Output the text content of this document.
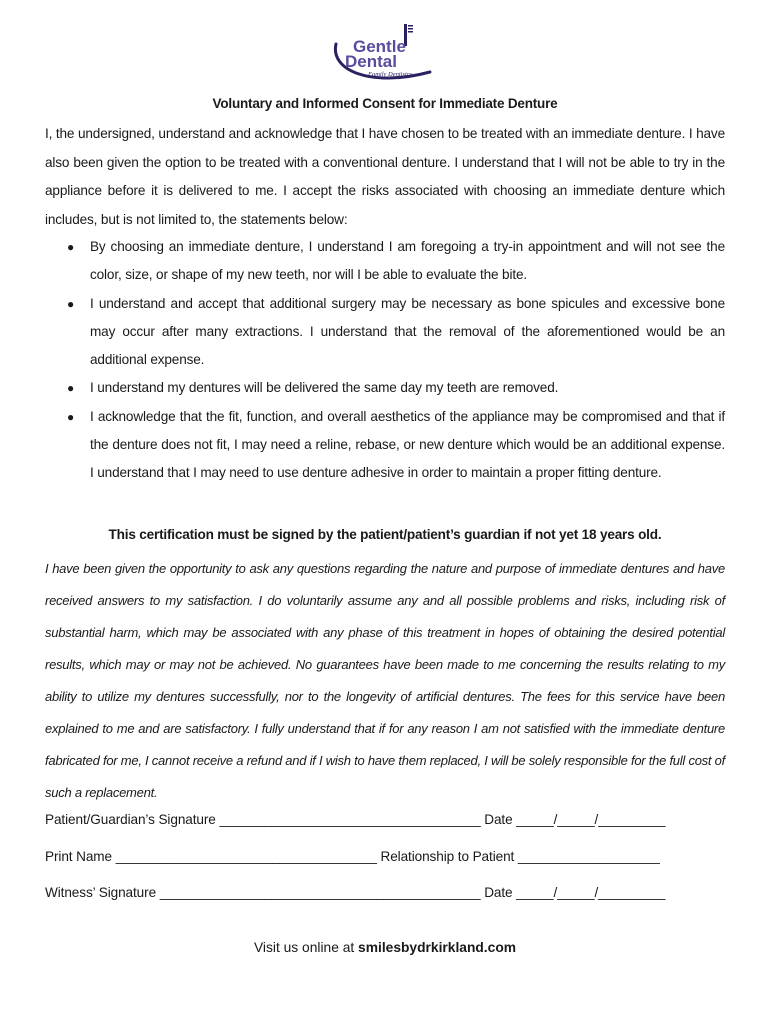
Gentle
Dental
Family Dentistry
Voluntary and Informed Consent for Immediate Denture
I, the undersigned, understand and acknowledge that I have chosen to be treated with an immediate denture. I have also been given the option to be treated with a conventional denture. I understand that I will not be able to try in the appliance before it is delivered to me. I accept the risks associated with choosing an immediate denture which includes, but is not limited to, the statements below:
● By choosing an immediate denture, I understand I am foregoing a try-in appointment and will not see the color, size, or shape of my new teeth, nor will I be able to evaluate the bite.
● I understand and accept that additional surgery may be necessary as bone spicules and excessive bone may occur after many extractions. I understand that the removal of the aforementioned would be an additional expense.
● I understand my dentures will be delivered the same day my teeth are removed.
● I acknowledge that the fit, function, and overall aesthetics of the appliance may be compromised and that if the denture does not fit, I may need a reline, rebase, or new denture which would be an additional expense. I understand that I may need to use denture adhesive in order to maintain a proper fitting denture.
This certification must be signed by the patient/patient’s guardian if not yet 18 years old.
I have been given the opportunity to ask any questions regarding the nature and purpose of immediate dentures and have received answers to my satisfaction. I do voluntarily assume any and all possible problems and risks, including risk of substantial harm, which may be associated with any phase of this treatment in hopes of obtaining the desired potential results, which may or may not be achieved. No guarantees have been made to me concerning the results relating to my ability to utilize my dentures successfully, nor to the longevity of artificial dentures. The fees for this service have been explained to me and are satisfactory. I fully understand that if for any reason I am not satisfied with the immediate denture fabricated for me, I cannot receive a refund and if I wish to have them replaced, I will be solely responsible for the full cost of such a replacement.
Patient/Guardian’s Signature ___________________________________ Date _____/_____/_________
Print Name ___________________________________ Relationship to Patient ___________________
Witness’ Signature ___________________________________________ Date _____/_____/_________
Visit us online at smilesbydrkirkland.com
